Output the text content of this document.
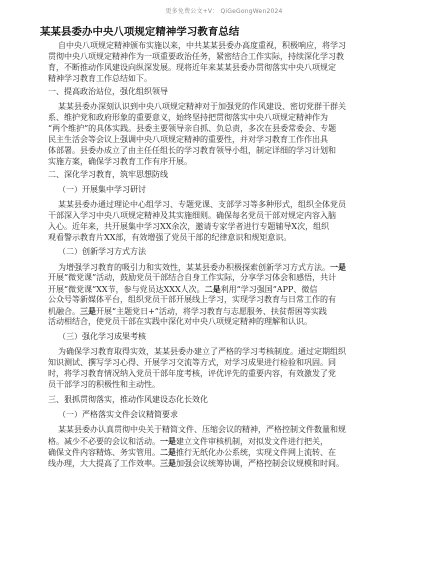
更多免费公文+V： QiGeGongWen2024
某某县委办中央八项规定精神学习教育总结
自中央八项规定精神颁布实施以来，中共某某县委办高度重视，积极响应，将学习
贯彻中央八项规定精神作为一项重要政治任务，紧密结合工作实际，持续深化学习教
育，不断推动作风建设向纵深发展。现将近年来某某县委办贯彻落实中央八项规定
精神学习教育工作总结如下。
一、提高政治站位，强化组织领导
某某县委办深刻认识到中央八项规定精神对于加强党的作风建设、密切党群干群关
系、维护党和政府形象的重要意义，始终坚持把贯彻落实中央八项规定精神作为
“两个维护”的具体实践。县委主要领导亲自抓、负总责，多次在县委常委会、专题
民主生活会等会议上强调中央八项规定精神的重要性，并对学习教育工作作出具
体部署。县委办成立了由主任任组长的学习教育领导小组，制定详细的学习计划和
实施方案，确保学习教育工作有序开展。
二、深化学习教育，筑牢思想防线
（一）开展集中学习研讨
某某县委办通过理论中心组学习、专题党课、支部学习等多种形式，组织全体党员
干部深入学习中央八项规定精神及其实施细则。确保每名党员干部对规定内容入脑
入心。近年来，共开展集中学习XX余次，邀请专家学者进行专题辅导X次，组织
观看警示教育片XX部，有效增强了党员干部的纪律意识和规矩意识。
（二）创新学习方式方法
为增强学习教育的吸引力和实效性，某某县委办积极探索创新学习方式方法。一是
开展“微党课”活动，鼓励党员干部结合自身工作实际，分享学习体会和感悟，共计
开展“微党课”XX节，参与党员达XXX人次。二是利用“学习强国”APP、微信
公众号等新媒体平台，组织党员干部开展线上学习，实现学习教育与日常工作的有
机融合。三是开展“主题党日+”活动，将学习教育与志愿服务、扶贫帮困等实践
活动相结合，使党员干部在实践中深化对中央八项规定精神的理解和认识。
（三）强化学习成果考核
为确保学习教育取得实效，某某县委办建立了严格的学习考核制度。通过定期组织
知识测试、撰写学习心得、开展学习交流等方式，对学习成果进行检验和巩固。同
时，将学习教育情况纳入党员干部年度考核，评优评先的重要内容，有效激发了党
员干部学习的积极性和主动性。
三、狠抓贯彻落实，推动作风建设态化长效化
（一）严格落实文件会议精简要求
某某县委办认真贯彻中央关于精简文件、压缩会议的精神，严格控制文件数量和规
格。减少不必要的会议和活动。一是建立文件审核机制，对拟发文件进行把关，
确保文件内容精炼、务实管用。二是推行无纸化办公系统，实现文件网上流转、在
线办理，大大提高了工作效率。三是加强会议统筹协调，严格控制会议规模和时间。
